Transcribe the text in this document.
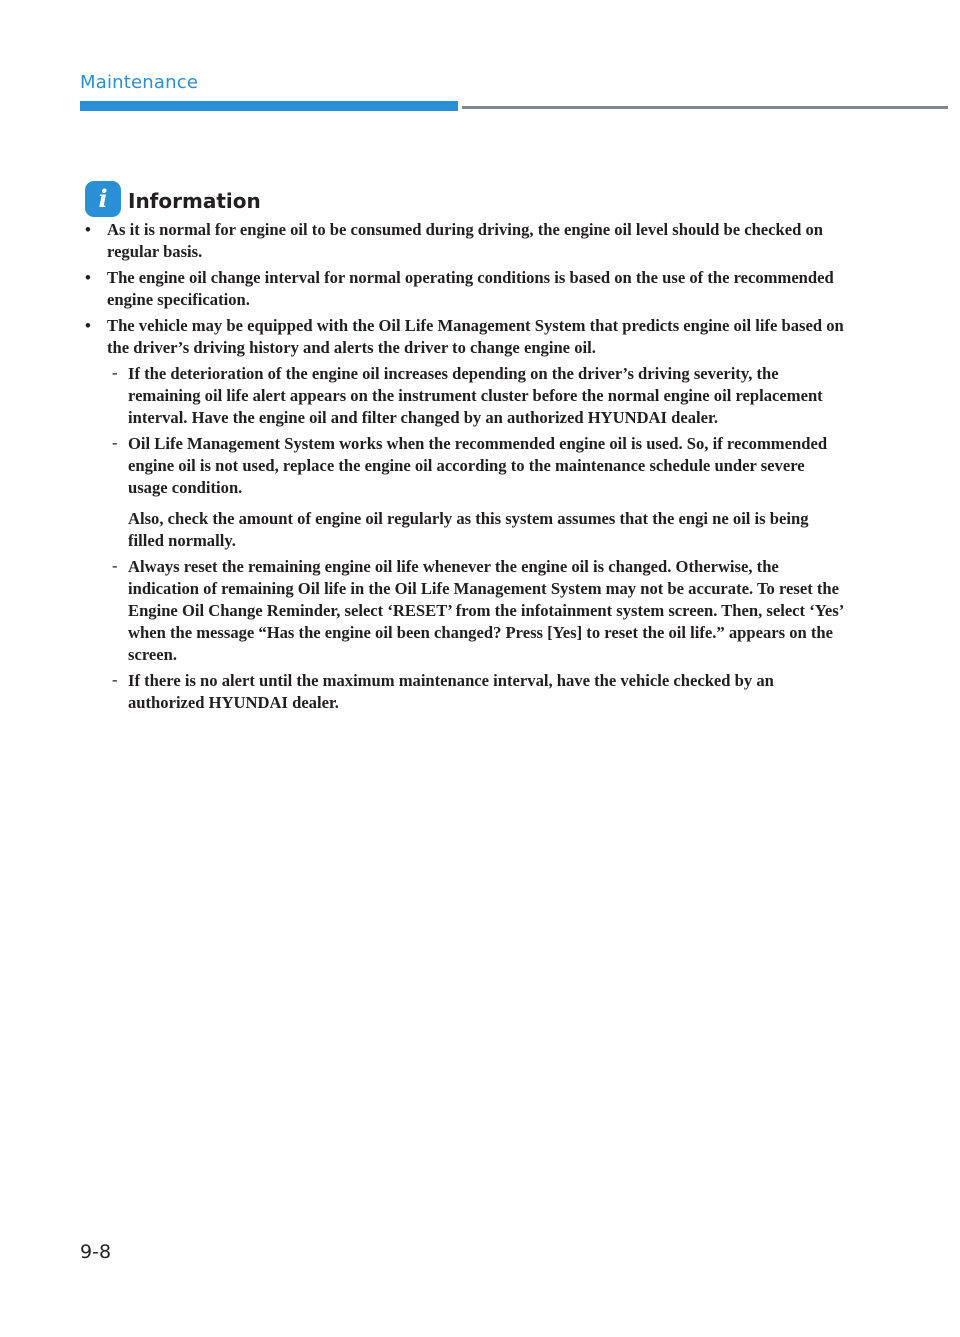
Maintenance
i	Information
• As it is normal for engine oil to be consumed during driving, the engine oil level should be checked on regular basis.
• The engine oil change interval for normal operating conditions is based on the use of the recommended engine specification.
• The vehicle may be equipped with the Oil Life Management System that predicts engine oil life based on the driver’s driving history and alerts the driver to change engine oil.
- If the deterioration of the engine oil increases depending on the driver’s driving severity, the remaining oil life alert appears on the instrument cluster before the normal engine oil replacement interval. Have the engine oil and filter changed by an authorized HYUNDAI dealer.
- Oil Life Management System works when the recommended engine oil is used. So, if recommended engine oil is not used, replace the engine oil according to the maintenance schedule under severe usage condition.
Also, check the amount of engine oil regularly as this system assumes that the engi ne oil is being filled normally.
- Always reset the remaining engine oil life whenever the engine oil is changed. Otherwise, the indication of remaining Oil life in the Oil Life Management System may not be accurate. To reset the Engine Oil Change Reminder, select ‘RESET’ from the infotainment system screen. Then, select ‘Yes’ when the message “Has the engine oil been changed? Press [Yes] to reset the oil life.” appears on the screen.
- If there is no alert until the maximum maintenance interval, have the vehicle checked by an authorized HYUNDAI dealer.
9-8
